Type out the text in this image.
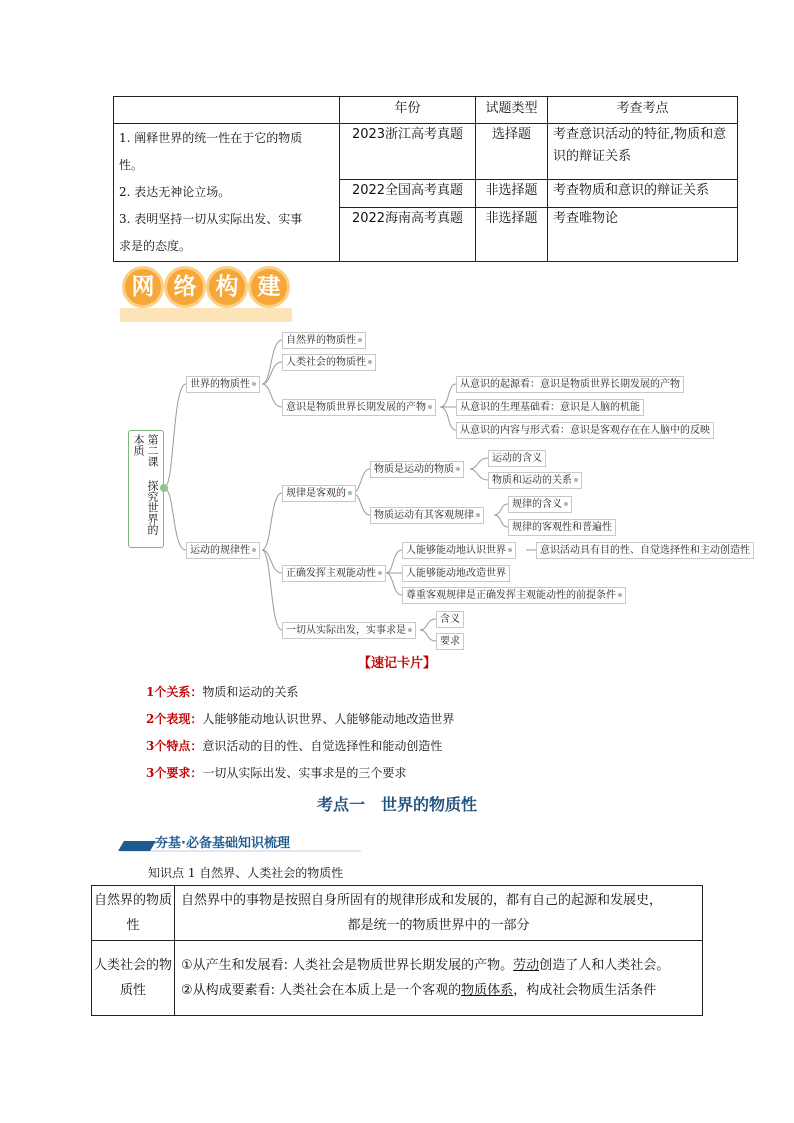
	年份	试题类型	考查考点

1. 阐释世界的统一性在于它的物质
性。
2. 表达无神论立场。
3. 表明坚持一切从实际出发、实事
求是的态度。	2023浙江高考真题	选择题	考查意识活动的特征,物质和意识的辩证关系
	2022全国高考真题	非选择题	考查物质和意识的辩证关系
	2022海南高考真题	非选择题	考查唯物论
网 络 构 建
第二课 探究世界的本质
世界的物质性
自然界的物质性
人类社会的物质性
意识是物质世界长期发展的产物
从意识的起源看：意识是物质世界长期发展的产物
从意识的生理基础看：意识是人脑的机能
从意识的内容与形式看：意识是客观存在在人脑中的反映
运动的规律性
规律是客观的
物质是运动的物质
运动的含义
物质和运动的关系
物质运动有其客观规律
规律的含义
规律的客观性和普遍性
正确发挥主观能动性
人能够能动地认识世界	意识活动具有目的性、自觉选择性和主动创造性
人能够能动地改造世界
尊重客观规律是正确发挥主观能动性的前提条件
一切从实际出发，实事求是
含义
要求
【速记卡片】
1个关系：物质和运动的关系
2个表现：人能够能动地认识世界、人能够能动地改造世界
3个特点：意识活动的目的性、自觉选择性和能动创造性
3个要求：一切从实际出发、实事求是的三个要求
考点一　世界的物质性
夯基·必备基础知识梳理
知识点 1 自然界、人类社会的物质性
自然界的物质性	自然界中的事物是按照自身所固有的规律形成和发展的，都有自己的起源和发展史，
都是统一的物质世界中的一部分

人类社会的物质性	①从产生和发展看: 人类社会是物质世界长期发展的产物。劳动创造了人和人类社会。
②从构成要素看: 人类社会在本质上是一个客观的物质体系，构成社会物质生活条件
